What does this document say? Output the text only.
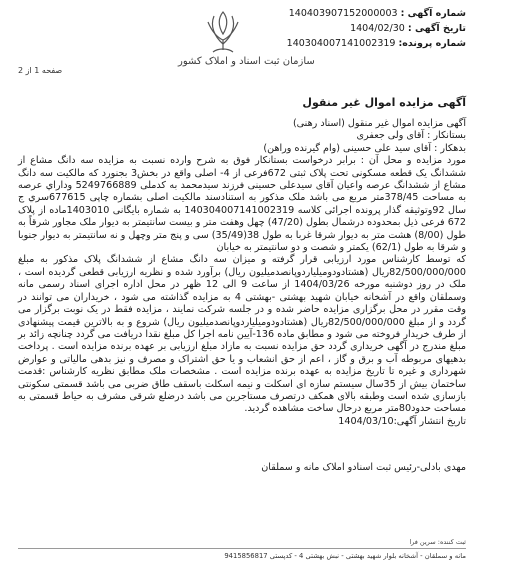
سازمان ثبت اسناد و املاک کشور
شماره آگهی : 140403907152000003
تاریخ آگهی : 1404/02/30
شماره پرونده: 140304007141002319
صفحه 1 از 2
آگهی مزایده اموال غیر منقول

آگهی مزایده اموال غیر منقول (اسناد رهنی)

بستانکار : آقای ولی جعفری

بدهکار : آقای سید علی حسینی (وام گیرنده وراهن)

مورد مزایده و محل آن : برابر درخواست بستانکار فوق به شرح وارده نسبت به مزایده سه دانگ مشاع از ششدانگ یک قطعه مسکونی تحت پلاک ثبتی 672فرعی از 4- اصلی واقع در بخش3 بجنورد که مالکیت سه دانگ مشاع از ششدانگ عرصه واعیان آقای سیدعلی حسینی فرزند سیدمحمد به کدملی 5249766889 وداراي عرصه به مساحت 378/45متر مربع می باشد ملک مذکور به استنادسند مالکیت اصلی بشماره چاپی 677615سري ج سال 92وتوثیقه گذار پرونده اجرائی کلاسه 140304007141002319 به شماره بایگانی 1403010ماده از پلاک 672 فرعی ذیل بمحدوده درشمال بطول (47/20) چهل وهفت متر و بیست سانتیمتر به دیوار ملک مجاور شرقاً به طول (8/00) هشت متر به دیوار شرقا غربا به طول 38(35/49) سی و پنج متر وچهل و نه سانتیمتر به دیوار جنوبا و شرقا به طول (62/1) یکمتر و شصت و دو سانتیمتر به خیابان

که توسط کارشناس مورد ارزیابی قرار گرفته و میزان سه دانگ مشاع از ششدانگ پلاک مذکور به مبلغ 82/500/000/000ریال (هشتادودومیلیاردوپانصدمیلیون ریال) برآورد شده و نظریه ارزیابی قطعی گردیده است ، ملک در روز دوشنبه مورخه 1404/03/26 از ساعت 9 الی 12 ظهر در محل اداره اجرای اسناد رسمی مانه وسملقان واقع در آشخانه خیابان شهید بهشتی -بهشتی 4 به مزایده گذاشته می شود ، خریداران می توانند در وقت مقرر در محل برگزاری مزایده حاضر شده و در جلسه شرکت نمایند ، مزایده فقط در یک نوبت برگزار می گردد و از مبلغ 82/500/000/000ریال (هشتادودومیلیاردوپانصدمیلیون ریال) شروع و به بالاترین قیمت پیشنهادی از طرف خریدار فروخته می شود و مطابق ماده 136-آیین نامه اجرا کل مبلغ نقدا دریافت می گردد چنانچه زائد بر مبلغ مندرج در آگهی خریداری گردد حق مزایده نسبت به مازاد مبلغ ارزیابی بر عهده برنده مزایده است . پرداخت بدهیهای مربوطه آب و برق و گاز ، اعم از حق انشعاب و یا حق اشتراک و مصرف و نیز بدهی مالیاتی و عوارض شهرداری و غیره تا تاریخ مزایده به عهده برنده مزایده است . مشخصات ملک مطابق نظریه کارشناس :قدمت ساختمان بیش از 35سال سیستم سازه ای اسکلت و نیمه اسکلت باسقف طاق ضربی می باشد قسمتی سکونتی بازسازی شده است وطبقه بالای همکف درتصرف مستاجرین می باشد درضلع شرقی مشرف به حیاط قسمتی به مساحت حدود80متر مربع درحال ساخت مشاهده گردید.

تاریخ انتشار آگهی:1404/03/10

مهدی بادلی-رئیس ثبت اسنادو املاک مانه و سملقان
ثبت کننده: سرین فرا
مانه و سملقان - آشخانه بلوار شهید بهشتی - نبش بهشتی 4 - کدپستی 9415856817
